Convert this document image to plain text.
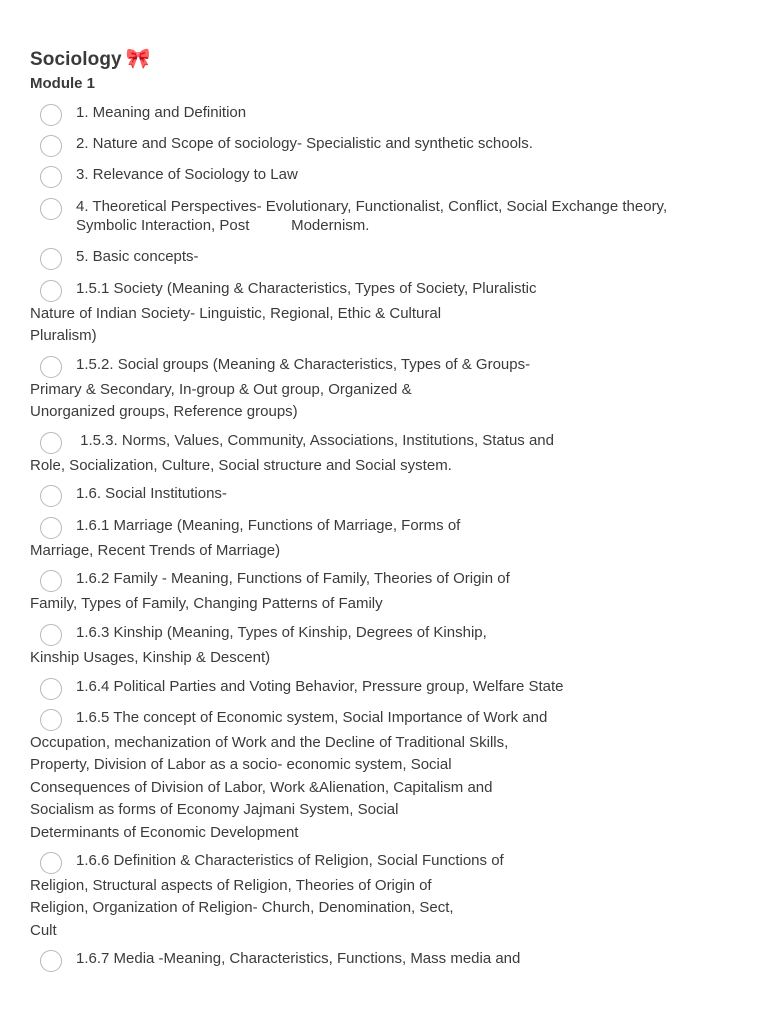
Sociology 🎀
Module 1
1. Meaning and Definition
2. Nature and Scope of sociology- Specialistic and synthetic schools.
3. Relevance of Sociology to Law
4. Theoretical Perspectives- Evolutionary, Functionalist, Conflict, Social Exchange theory,
Symbolic Interaction, Post          Modernism.
5. Basic concepts-
1.5.1 Society (Meaning & Characteristics, Types of Society, Pluralistic
Nature of Indian Society- Linguistic, Regional, Ethic & Cultural
Pluralism)
1.5.2. Social groups (Meaning & Characteristics, Types of & Groups-
Primary & Secondary, In-group & Out group, Organized &
Unorganized groups, Reference groups)
1.5.3. Norms, Values, Community, Associations, Institutions, Status and
Role, Socialization, Culture, Social structure and Social system.
1.6. Social Institutions-
1.6.1 Marriage (Meaning, Functions of Marriage, Forms of
Marriage, Recent Trends of Marriage)
1.6.2 Family - Meaning, Functions of Family, Theories of Origin of
Family, Types of Family, Changing Patterns of Family
1.6.3 Kinship (Meaning, Types of Kinship, Degrees of Kinship,
Kinship Usages, Kinship & Descent)
1.6.4 Political Parties and Voting Behavior, Pressure group, Welfare State
1.6.5 The concept of Economic system, Social Importance of Work and
Occupation, mechanization of Work and the Decline of Traditional Skills,
Property, Division of Labor as a socio- economic system, Social
Consequences of Division of Labor, Work &Alienation, Capitalism and
Socialism as forms of Economy Jajmani System, Social
Determinants of Economic Development
1.6.6 Definition & Characteristics of Religion, Social Functions of
Religion, Structural aspects of Religion, Theories of Origin of
Religion, Organization of Religion- Church, Denomination, Sect,
Cult
1.6.7 Media -Meaning, Characteristics, Functions, Mass media and
